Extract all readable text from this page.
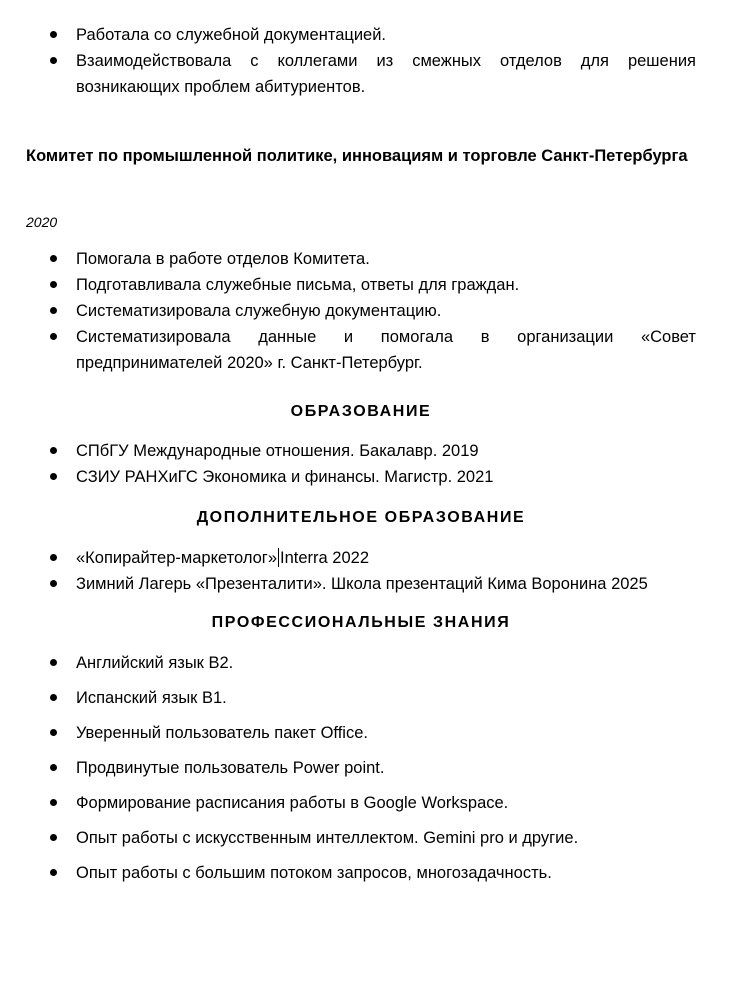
Работала со служебной документацией.
Взаимодействовала с коллегами из смежных отделов для решения возникающих проблем абитуриентов.

Комитет по промышленной политике, инновациям и торговле Санкт-Петербурга

2020

Помогала в работе отделов Комитета.
Подготавливала служебные письма, ответы для граждан.
Систематизировала служебную документацию.
Систематизировала данные и помогала в организации «Совет предпринимателей 2020» г. Санкт-Петербург.
ОБРАЗОВАНИЕ
СПбГУ Международные отношения. Бакалавр. 2019
СЗИУ РАНХиГС Экономика и финансы. Магистр. 2021
ДОПОЛНИТЕЛЬНОЕ ОБРАЗОВАНИЕ
«Копирайтер-маркетолог» Interra 2022
Зимний Лагерь «Презенталити». Школа презентаций Кима Воронина 2025
ПРОФЕССИОНАЛЬНЫЕ ЗНАНИЯ
Английский язык B2.
Испанский язык B1.
Уверенный пользователь пакет Office.
Продвинутые пользователь Power point.
Формирование расписания работы в Google Workspace.
Опыт работы с искусственным интеллектом. Gemini pro и другие.
Опыт работы с большим потоком запросов, многозадачность.
